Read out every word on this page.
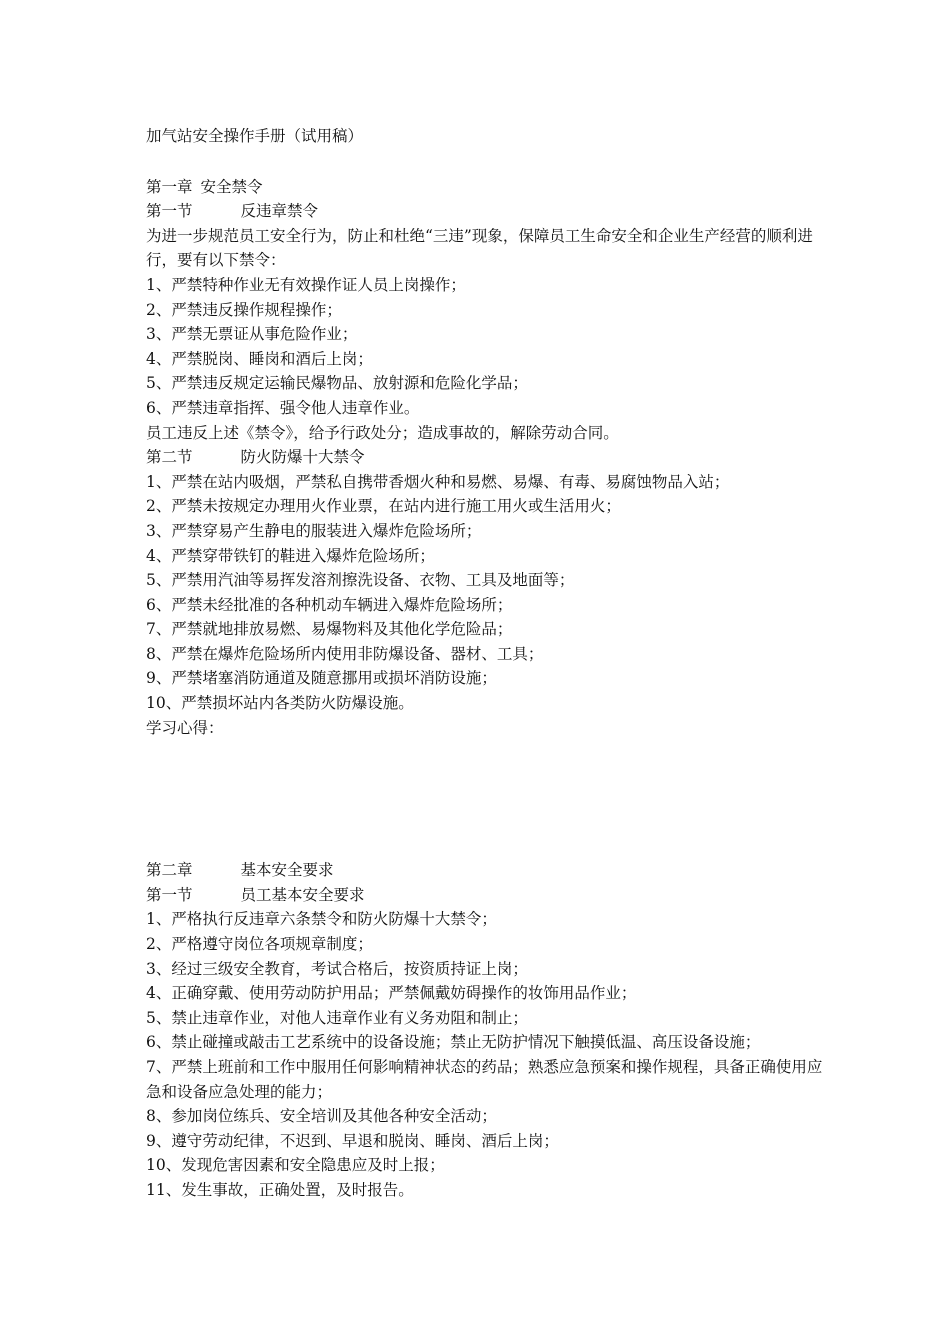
加气站安全操作手册（试用稿）
第一章 安全禁令
第一节	反违章禁令
为进一步规范员工安全行为，防止和杜绝“三违”现象，保障员工生命安全和企业生产经营的顺利进行，要有以下禁令：
1、严禁特种作业无有效操作证人员上岗操作；
2、严禁违反操作规程操作；
3、严禁无票证从事危险作业；
4、严禁脱岗、睡岗和酒后上岗；
5、严禁违反规定运输民爆物品、放射源和危险化学品；
6、严禁违章指挥、强令他人违章作业。
员工违反上述《禁令》，给予行政处分；造成事故的，解除劳动合同。
第二节	防火防爆十大禁令
1、严禁在站内吸烟，严禁私自携带香烟火种和易燃、易爆、有毒、易腐蚀物品入站；
2、严禁未按规定办理用火作业票，在站内进行施工用火或生活用火；
3、严禁穿易产生静电的服装进入爆炸危险场所；
4、严禁穿带铁钉的鞋进入爆炸危险场所；
5、严禁用汽油等易挥发溶剂擦洗设备、衣物、工具及地面等；
6、严禁未经批准的各种机动车辆进入爆炸危险场所；
7、严禁就地排放易燃、易爆物料及其他化学危险品；
8、严禁在爆炸危险场所内使用非防爆设备、器材、工具；
9、严禁堵塞消防通道及随意挪用或损坏消防设施；
10、严禁损坏站内各类防火防爆设施。
学习心得：
第二章	基本安全要求
第一节	员工基本安全要求
1、严格执行反违章六条禁令和防火防爆十大禁令；
2、严格遵守岗位各项规章制度；
3、经过三级安全教育，考试合格后，按资质持证上岗；
4、正确穿戴、使用劳动防护用品；严禁佩戴妨碍操作的妆饰用品作业；
5、禁止违章作业，对他人违章作业有义务劝阻和制止；
6、禁止碰撞或敲击工艺系统中的设备设施；禁止无防护情况下触摸低温、高压设备设施；
7、严禁上班前和工作中服用任何影响精神状态的药品；熟悉应急预案和操作规程，具备正确使用应急和设备应急处理的能力；
8、参加岗位练兵、安全培训及其他各种安全活动；
9、遵守劳动纪律，不迟到、早退和脱岗、睡岗、酒后上岗；
10、发现危害因素和安全隐患应及时上报；
11、发生事故，正确处置，及时报告。
